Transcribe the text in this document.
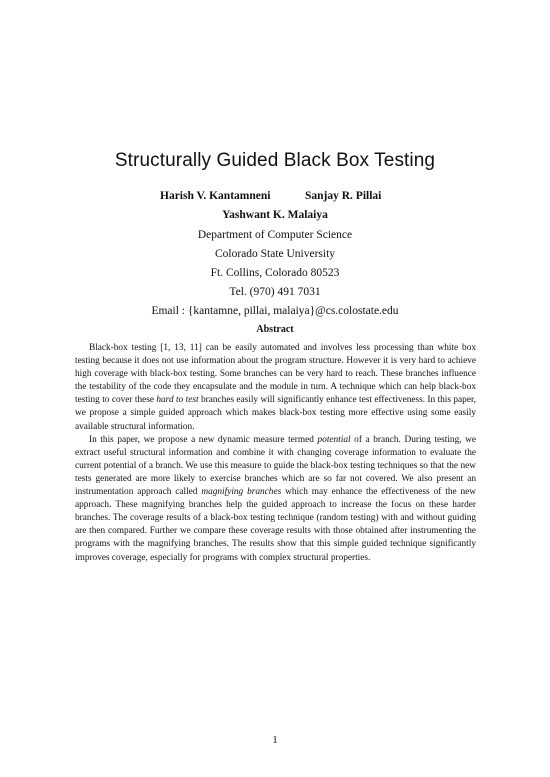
Structurally Guided Black Box Testing
Harish V. Kantamneni	Sanjay R. Pillai
Yashwant K. Malaiya
Department of Computer Science
Colorado State University
Ft. Collins, Colorado 80523
Tel. (970) 491 7031
Email : {kantamne, pillai, malaiya}@cs.colostate.edu
Abstract

Black-box testing [1, 13, 11] can be easily automated and involves less processing than white box testing because it does not use information about the program structure. However it is very hard to achieve high coverage with black-box testing. Some branches can be very hard to reach. These branches influence the testability of the code they encapsulate and the module in turn. A technique which can help black-box testing to cover these hard to test branches easily will significantly enhance test effectiveness. In this paper, we propose a simple guided approach which makes black-box testing more effective using some easily available structural information.

In this paper, we propose a new dynamic measure termed potential of a branch. During testing, we extract useful structural information and combine it with changing coverage information to evaluate the current potential of a branch. We use this measure to guide the black-box testing techniques so that the new tests generated are more likely to exercise branches which are so far not covered. We also present an instrumentation approach called magnifying branches which may enhance the effectiveness of the new approach. These magnifying branches help the guided approach to increase the focus on these harder branches. The coverage results of a black-box testing technique (random testing) with and without guiding are then compared. Further we compare these coverage results with those obtained after instrumenting the programs with the magnifying branches. The results show that this simple guided technique significantly improves coverage, especially for programs with complex structural properties.

1
